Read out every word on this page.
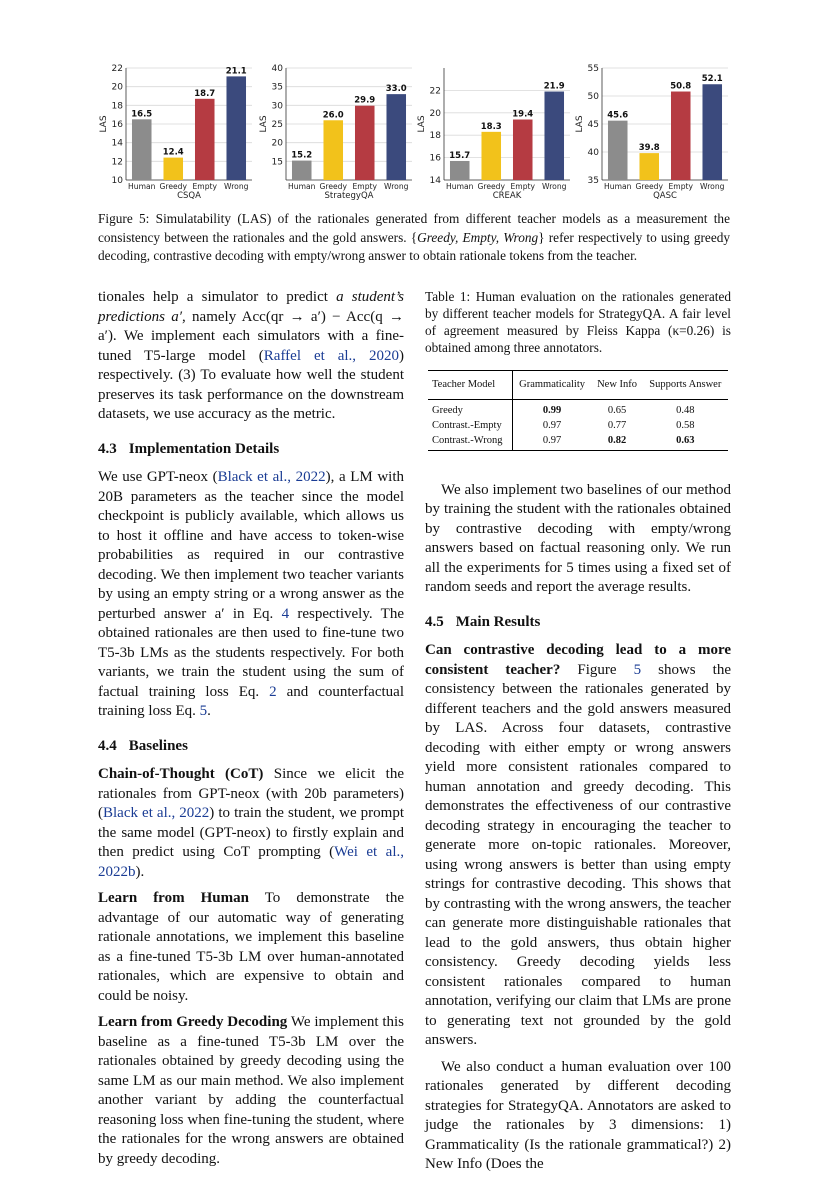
10
12
14
16
18
20
22
16.5
Human
12.4
Greedy
18.7
Empty
21.1
Wrong
CSQA
LAS
15
20
25
30
35
40
15.2
Human
26.0
Greedy
29.9
Empty
33.0
Wrong
StrategyQA
LAS
14
16
18
20
22
15.7
Human
18.3
Greedy
19.4
Empty
21.9
Wrong
CREAK
LAS
35
40
45
50
55
45.6
Human
39.8
Greedy
50.8
Empty
52.1
Wrong
QASC
LAS
Figure 5: Simulatability (LAS) of the rationales generated from different teacher models as a measurement the consistency between the rationales and the gold answers. {Greedy, Empty, Wrong} refer respectively to using greedy decoding, contrastive decoding with empty/wrong answer to obtain rationale tokens from the teacher.

tionales help a simulator to predict a student’s predictions a′, namely Acc(qr → a′) − Acc(q → a′). We implement each simulators with a fine-tuned T5-large model (Raffel et al., 2020) respectively. (3) To evaluate how well the student preserves its task performance on the downstream datasets, we use accuracy as the metric.

4.3 Implementation Details

We use GPT-neox (Black et al., 2022), a LM with 20B parameters as the teacher since the model checkpoint is publicly available, which allows us to host it offline and have access to token-wise probabilities as required in our contrastive decoding. We then implement two teacher variants by using an empty string or a wrong answer as the perturbed answer a′ in Eq. 4 respectively. The obtained rationales are then used to fine-tune two T5-3b LMs as the students respectively. For both variants, we train the student using the sum of factual training loss Eq. 2 and counterfactual training loss Eq. 5.

4.4 Baselines

Chain-of-Thought (CoT) Since we elicit the rationales from GPT-neox (with 20b parameters) (Black et al., 2022) to train the student, we prompt the same model (GPT-neox) to firstly explain and then predict using CoT prompting (Wei et al., 2022b).

Learn from Human To demonstrate the advantage of our automatic way of generating rationale annotations, we implement this baseline as a fine-tuned T5-3b LM over human-annotated rationales, which are expensive to obtain and could be noisy.

Learn from Greedy Decoding We implement this baseline as a fine-tuned T5-3b LM over the rationales obtained by greedy decoding using the same LM as our main method. We also implement another variant by adding the counterfactual reasoning loss when fine-tuning the student, where the rationales for the wrong answers are obtained by greedy decoding.

Table 1: Human evaluation on the rationales generated by different teacher models for StrategyQA. A fair level of agreement measured by Fleiss Kappa (κ=0.26) is obtained among three annotators.
Teacher Model	Grammaticality	New Info	Supports Answer
Greedy	0.99	0.65	0.48
Contrast.-Empty	0.97	0.77	0.58
Contrast.-Wrong	0.97	0.82	0.63

We also implement two baselines of our method by training the student with the rationales obtained by contrastive decoding with empty/wrong answers based on factual reasoning only. We run all the experiments for 5 times using a fixed set of random seeds and report the average results.

4.5 Main Results

Can contrastive decoding lead to a more consistent teacher? Figure 5 shows the consistency between the rationales generated by different teachers and the gold answers measured by LAS. Across four datasets, contrastive decoding with either empty or wrong answers yield more consistent rationales compared to human annotation and greedy decoding. This demonstrates the effectiveness of our contrastive decoding strategy in encouraging the teacher to generate more on-topic rationales. Moreover, using wrong answers is better than using empty strings for contrastive decoding. This shows that by contrasting with the wrong answers, the teacher can generate more distinguishable rationales that lead to the gold answers, thus obtain higher consistency. Greedy decoding yields less consistent rationales compared to human annotation, verifying our claim that LMs are prone to generating text not grounded by the gold answers.

We also conduct a human evaluation over 100 rationales generated by different decoding strategies for StrategyQA. Annotators are asked to judge the rationales by 3 dimensions: 1) Grammaticality (Is the rationale grammatical?) 2) New Info (Does the
